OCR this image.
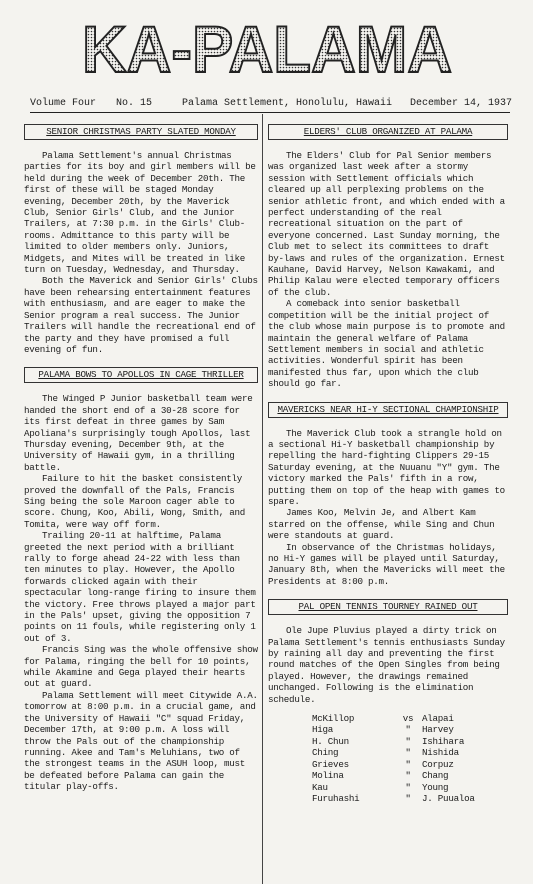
KA-PALAMA
Volume Four No. 15	Palama Settlement, Honolulu, Hawaii December 14, 1937
SENIOR CHRISTMAS PARTY SLATED MONDAY

Palama Settlement's annual Christmas parties for its boy and girl members will be held during the week of December 20th. The first of these will be staged Monday evening, December 20th, by the Maverick Club, Senior Girls' Club, and the Junior Trailers, at 7:30 p.m. in the Girls' Club-rooms. Admittance to this party will be limited to older members only. Juniors, Midgets, and Mites will be treated in like turn on Tuesday, Wednesday, and Thursday.

Both the Maverick and Senior Girls' Clubs have been rehearsing entertainment features with enthusiasm, and are eager to make the Senior program a real success. The Junior Trailers will handle the recreational end of the party and they have promised a full evening of fun.

PALAMA BOWS TO APOLLOS IN CAGE THRILLER

The Winged P Junior basketball team were handed the short end of a 30-28 score for its first defeat in three games by Sam Apoliana's surprisingly tough Apollos, last Thursday evening, December 9th, at the University of Hawaii gym, in a thrilling battle.

Failure to hit the basket consistently proved the downfall of the Pals, Francis Sing being the sole Maroon cager able to score. Chung, Koo, Abili, Wong, Smith, and Tomita, were way off form.

Trailing 20-11 at halftime, Palama greeted the next period with a brilliant rally to forge ahead 24-22 with less than ten minutes to play. However, the Apollo forwards clicked again with their spectacular long-range firing to insure them the victory. Free throws played a major part in the Pals' upset, giving the opposition 7 points on 11 fouls, while registering only 1 out of 3.

Francis Sing was the whole offensive show for Palama, ringing the bell for 10 points, while Akamine and Gega played their hearts out at guard.

Palama Settlement will meet Citywide A.A. tomorrow at 8:00 p.m. in a crucial game, and the University of Hawaii "C" squad Friday, December 17th, at 9:00 p.m. A loss will throw the Pals out of the championship running. Akee and Tam's Meluhians, two of the strongest teams in the ASUH loop, must be defeated before Palama can gain the titular play-offs.

ELDERS' CLUB ORGANIZED AT PALAMA

The Elders' Club for Pal Senior members was organized last week after a stormy session with Settlement officials which cleared up all perplexing problems on the senior athletic front, and which ended with a perfect understanding of the real recreational situation on the part of everyone concerned. Last Sunday morning, the Club met to select its committees to draft by-laws and rules of the organization. Ernest Kauhane, David Harvey, Nelson Kawakami, and Philip Kalau were elected temporary officers of the club.

A comeback into senior basketball competition will be the initial project of the club whose main purpose is to promote and maintain the general welfare of Palama Settlement members in social and athletic activities. Wonderful spirit has been manifested thus far, upon which the club should go far.

MAVERICKS NEAR HI-Y SECTIONAL CHAMPIONSHIP

The Maverick Club took a strangle hold on a sectional Hi-Y basketball championship by repelling the hard-fighting Clippers 29-15 Saturday evening, at the Nuuanu "Y" gym. The victory marked the Pals' fifth in a row, putting them on top of the heap with games to spare.

James Koo, Melvin Je, and Albert Kam starred on the offense, while Sing and Chun were standouts at guard.

In observance of the Christmas holidays, no Hi-Y games will be played until Saturday, January 8th, when the Mavericks will meet the Presidents at 8:00 p.m.

PAL OPEN TENNIS TOURNEY RAINED OUT

Ole Jupe Pluvius played a dirty trick on Palama Settlement's tennis enthusiasts Sunday by raining all day and preventing the first round matches of the Open Singles from being played. However, the drawings remained unchanged. Following is the elimination schedule.

McKillop	vs Alapai
Higa	"	Harvey
H. Chun	"	Ishihara
Ching	"	Nishida
Grieves	"	Corpuz
Molina	"	Chang
Kau	"	Young
Furuhashi	"	J. Puualoa
